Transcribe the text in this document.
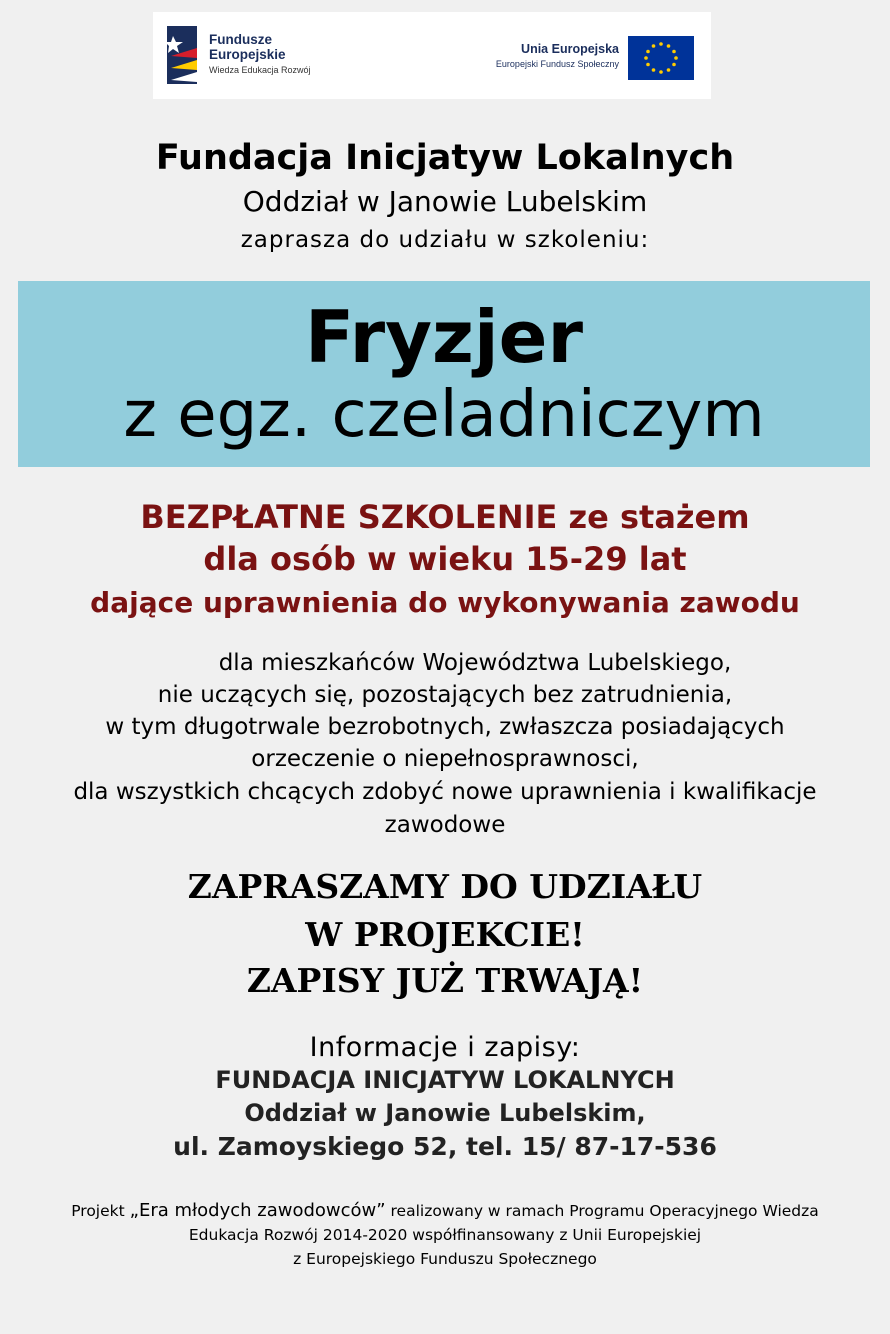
Fundusze
Europejskie
Wiedza Edukacja Rozwój
Unia Europejska
Europejski Fundusz Społeczny
Fundacja Inicjatyw Lokalnych
Oddział w Janowie Lubelskim
zaprasza do udziału w szkoleniu:
Fryzjer
z egz. czeladniczym
BEZPŁATNE SZKOLENIE ze stażem
dla osób w wieku 15-29 lat
dające uprawnienia do wykonywania zawodu
dla mieszkańców Województwa Lubelskiego,
nie uczących się, pozostających bez zatrudnienia,
w tym długotrwale bezrobotnych, zwłaszcza posiadających
orzeczenie o niepełnosprawnosci,
dla wszystkich chcących zdobyć nowe uprawnienia i kwalifikacje
zawodowe
ZAPRASZAMY DO UDZIAŁU
W PROJEKCIE!
ZAPISY JUŻ TRWAJĄ!
Informacje i zapisy:
FUNDACJA INICJATYW LOKALNYCH
Oddział w Janowie Lubelskim,
ul. Zamoyskiego 52, tel. 15/ 87-17-536
Projekt „Era młodych zawodowców” realizowany w ramach Programu Operacyjnego Wiedza
Edukacja Rozwój 2014-2020 współfinansowany z Unii Europejskiej
z Europejskiego Funduszu Społecznego
